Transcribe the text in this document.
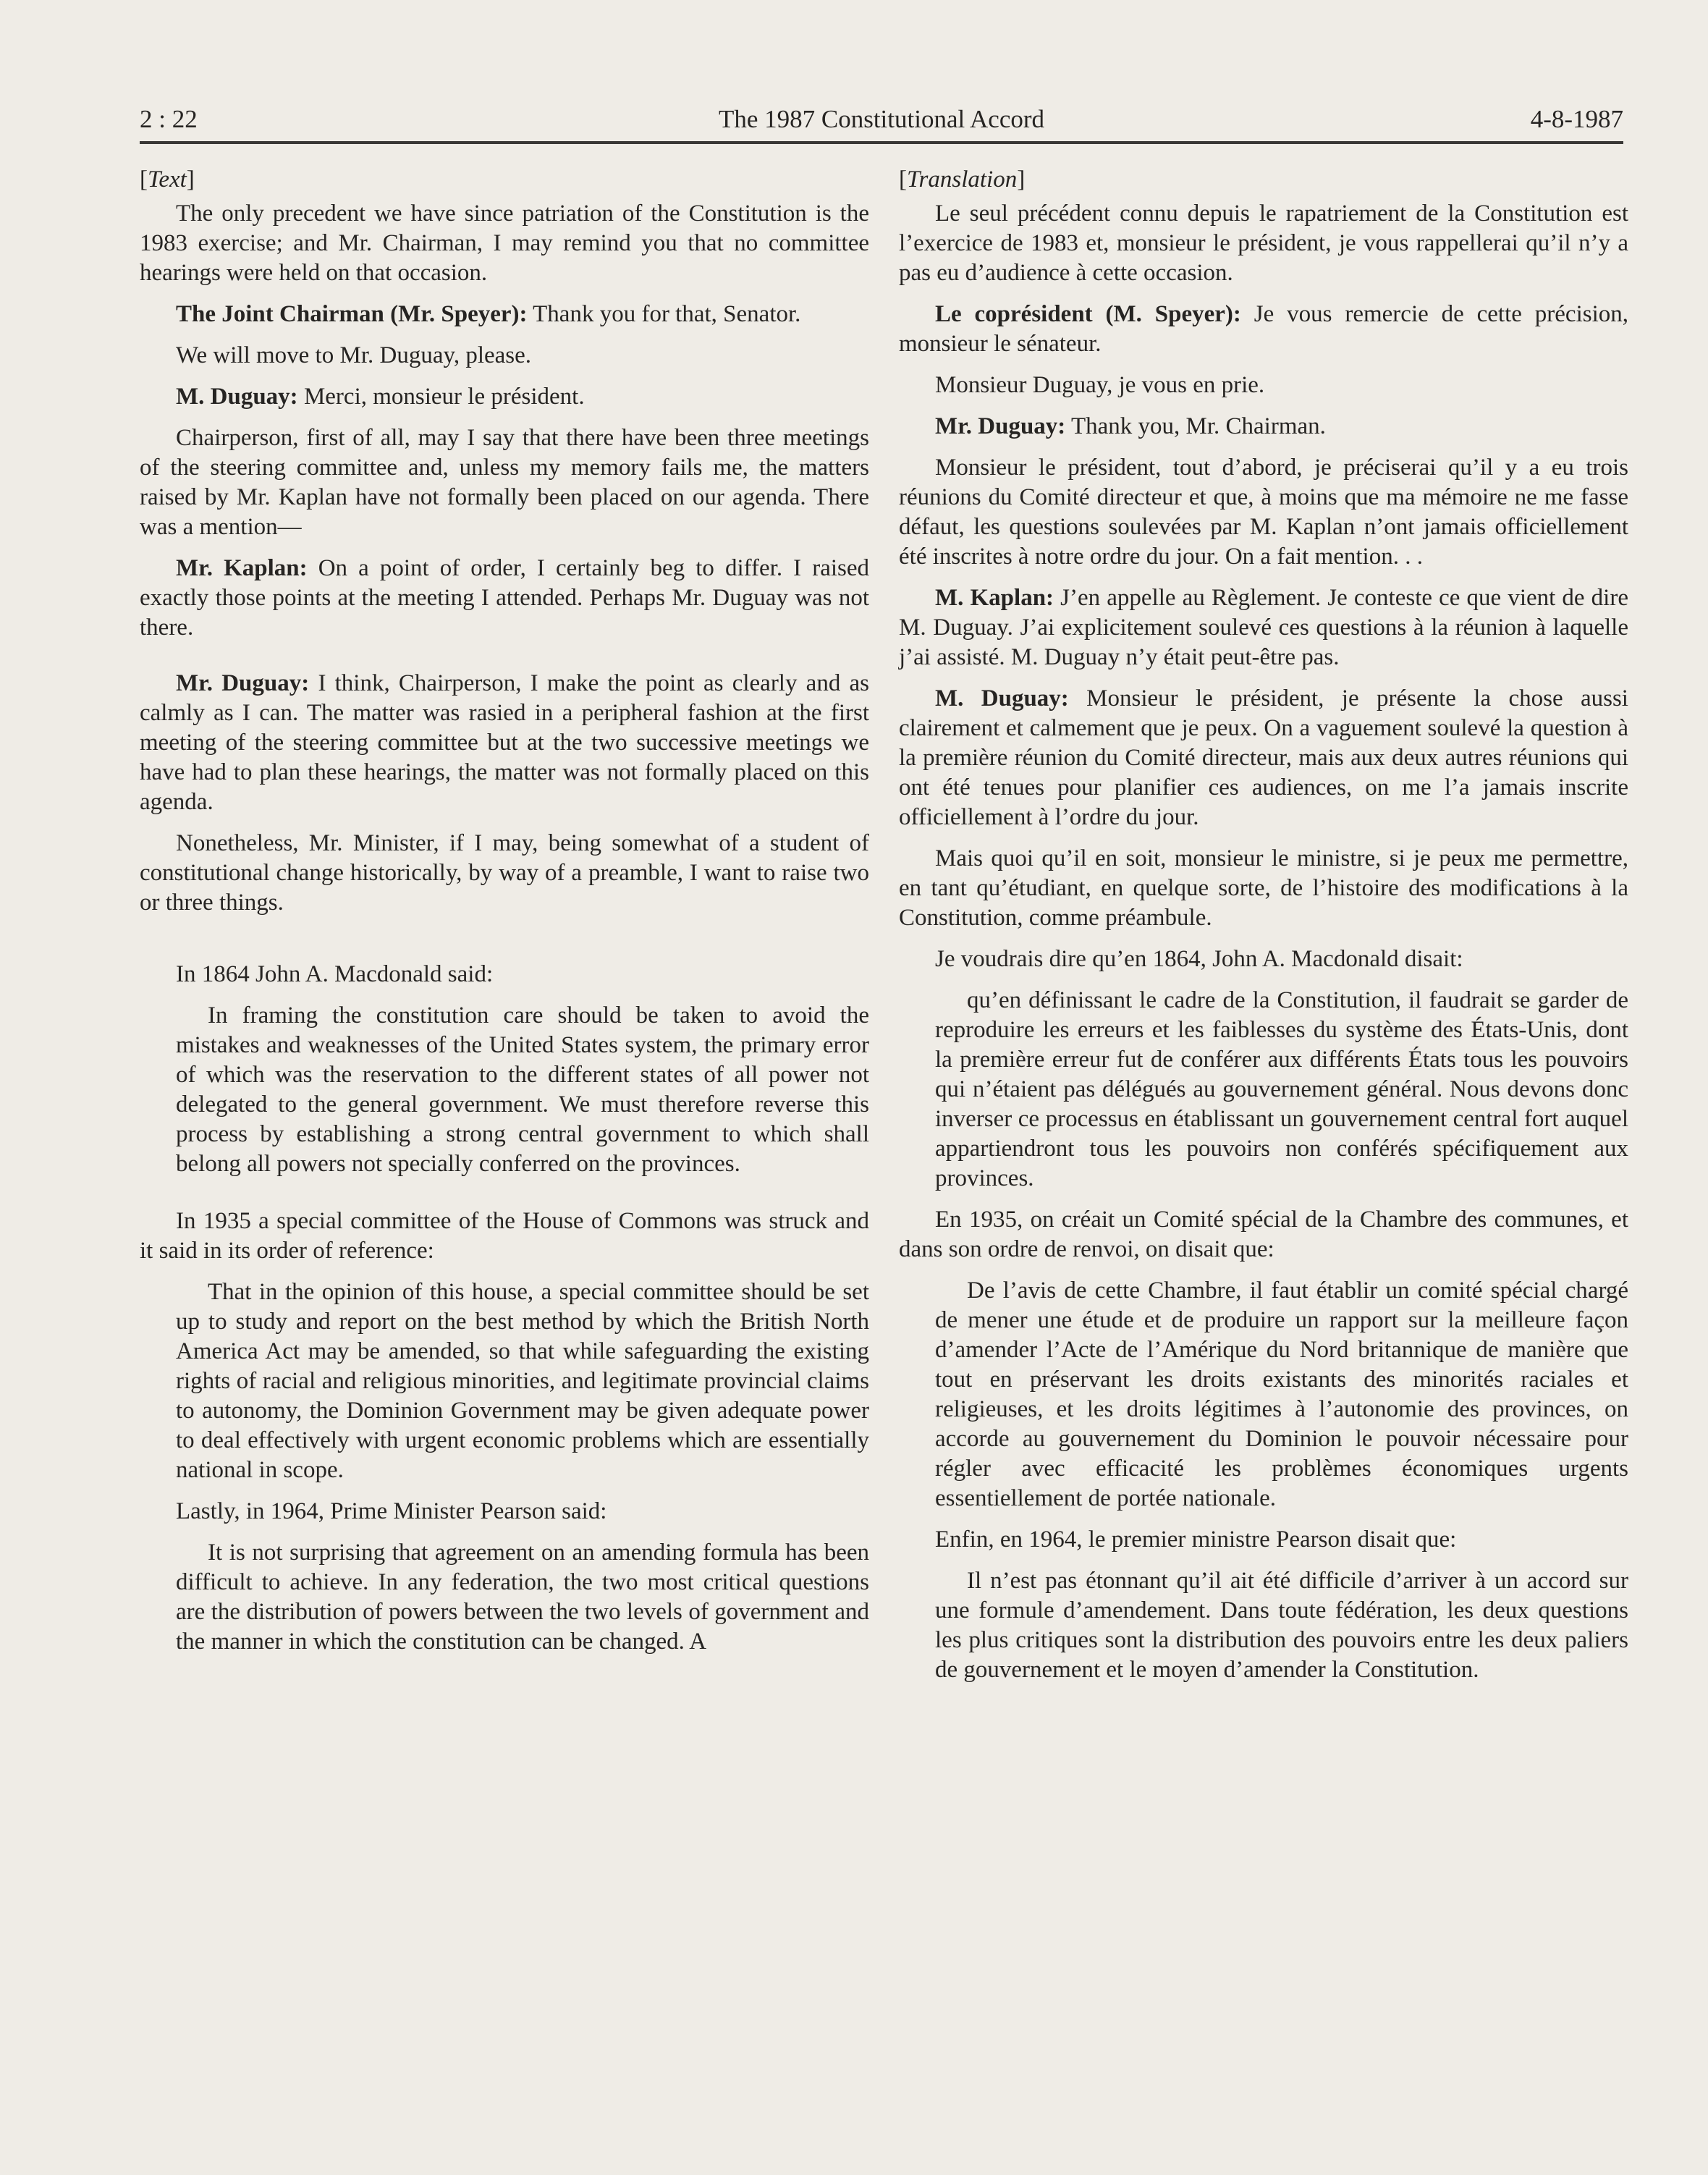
2 : 22	The 1987 Constitutional Accord	4-8-1987

[Text]

The only precedent we have since patriation of the Constitution is the 1983 exercise; and Mr. Chairman, I may remind you that no committee hearings were held on that occasion.

The Joint Chairman (Mr. Speyer): Thank you for that, Senator.

We will move to Mr. Duguay, please.

M. Duguay: Merci, monsieur le président.

Chairperson, first of all, may I say that there have been three meetings of the steering committee and, unless my memory fails me, the matters raised by Mr. Kaplan have not formally been placed on our agenda. There was a mention—

Mr. Kaplan: On a point of order, I certainly beg to differ. I raised exactly those points at the meeting I attended. Perhaps Mr. Duguay was not there.

Mr. Duguay: I think, Chairperson, I make the point as clearly and as calmly as I can. The matter was rasied in a peripheral fashion at the first meeting of the steering committee but at the two successive meetings we have had to plan these hearings, the matter was not formally placed on this agenda.

Nonetheless, Mr. Minister, if I may, being somewhat of a student of constitutional change historically, by way of a preamble, I want to raise two or three things.

In 1864 John A. Macdonald said:

In framing the constitution care should be taken to avoid the mistakes and weaknesses of the United States system, the primary error of which was the reservation to the different states of all power not delegated to the general government. We must therefore reverse this process by establishing a strong central government to which shall belong all powers not specially conferred on the provinces.

In 1935 a special committee of the House of Commons was struck and it said in its order of reference:

That in the opinion of this house, a special committee should be set up to study and report on the best method by which the British North America Act may be amended, so that while safeguarding the existing rights of racial and religious minorities, and legitimate provincial claims to autonomy, the Dominion Government may be given adequate power to deal effectively with urgent economic problems which are essentially national in scope.

Lastly, in 1964, Prime Minister Pearson said:

It is not surprising that agreement on an amending formula has been difficult to achieve. In any federation, the two most critical questions are the distribution of powers between the two levels of government and the manner in which the constitution can be changed. A

[Translation]

Le seul précédent connu depuis le rapatriement de la Constitution est l’exercice de 1983 et, monsieur le président, je vous rappellerai qu’il n’y a pas eu d’audience à cette occasion.

Le coprésident (M. Speyer): Je vous remercie de cette précision, monsieur le sénateur.

Monsieur Duguay, je vous en prie.

Mr. Duguay: Thank you, Mr. Chairman.

Monsieur le président, tout d’abord, je préciserai qu’il y a eu trois réunions du Comité directeur et que, à moins que ma mémoire ne me fasse défaut, les questions soulevées par M. Kaplan n’ont jamais officiellement été inscrites à notre ordre du jour. On a fait mention. . .

M. Kaplan: J’en appelle au Règlement. Je conteste ce que vient de dire M. Duguay. J’ai explicitement soulevé ces questions à la réunion à laquelle j’ai assisté. M. Duguay n’y était peut-être pas.

M. Duguay: Monsieur le président, je présente la chose aussi clairement et calmement que je peux. On a vaguement soulevé la question à la première réunion du Comité directeur, mais aux deux autres réunions qui ont été tenues pour planifier ces audiences, on me l’a jamais inscrite officiellement à l’ordre du jour.

Mais quoi qu’il en soit, monsieur le ministre, si je peux me permettre, en tant qu’étudiant, en quelque sorte, de l’histoire des modifications à la Constitution, comme préambule.

Je voudrais dire qu’en 1864, John A. Macdonald disait:

qu’en définissant le cadre de la Constitution, il faudrait se garder de reproduire les erreurs et les faiblesses du système des États-Unis, dont la première erreur fut de conférer aux différents États tous les pouvoirs qui n’étaient pas délégués au gouvernement général. Nous devons donc inverser ce processus en établissant un gouvernement central fort auquel appartiendront tous les pouvoirs non conférés spécifiquement aux provinces.

En 1935, on créait un Comité spécial de la Chambre des communes, et dans son ordre de renvoi, on disait que:

De l’avis de cette Chambre, il faut établir un comité spécial chargé de mener une étude et de produire un rapport sur la meilleure façon d’amender l’Acte de l’Amérique du Nord britannique de manière que tout en préservant les droits existants des minorités raciales et religieuses, et les droits légitimes à l’autonomie des provinces, on accorde au gouvernement du Dominion le pouvoir nécessaire pour régler avec efficacité les problèmes économiques urgents essentiellement de portée nationale.

Enfin, en 1964, le premier ministre Pearson disait que:

Il n’est pas étonnant qu’il ait été difficile d’arriver à un accord sur une formule d’amendement. Dans toute fédération, les deux questions les plus critiques sont la distribution des pouvoirs entre les deux paliers de gouvernement et le moyen d’amender la Constitution.
